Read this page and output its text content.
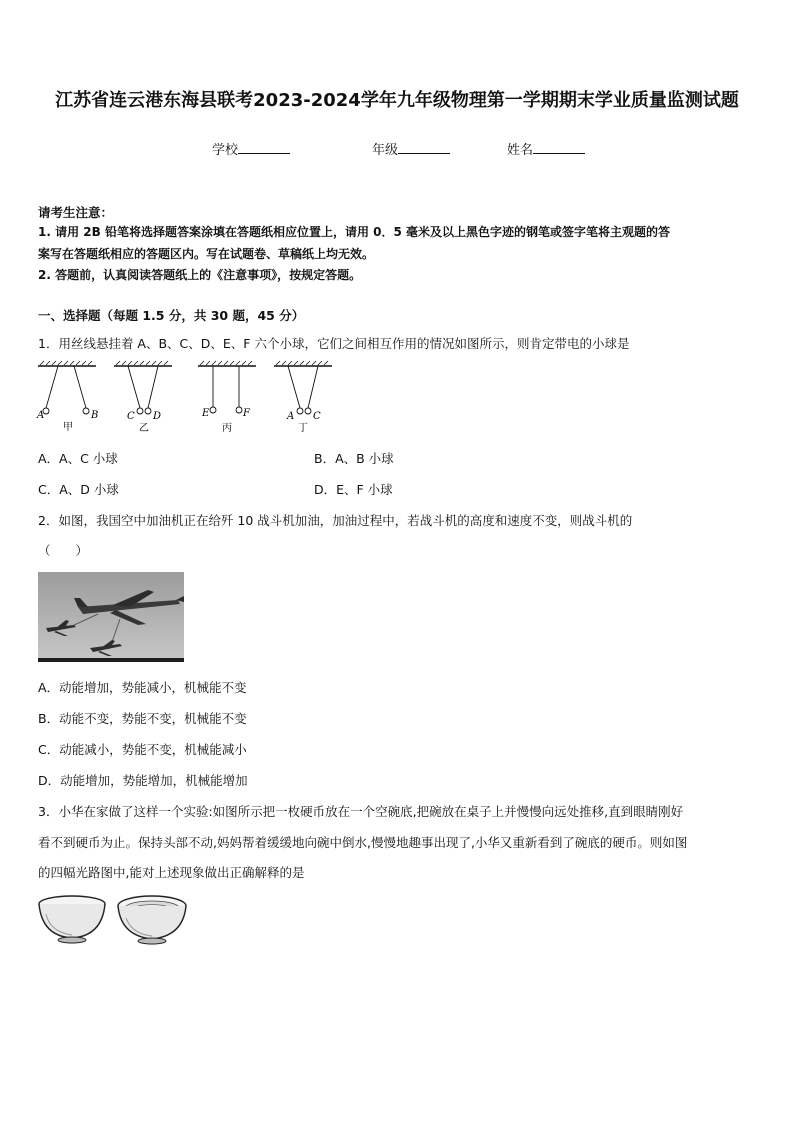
江苏省连云港东海县联考2023-2024学年九年级物理第一学期期末学业质量监测试题
学校	年级	姓名
请考生注意：
1. 请用 2B 铅笔将选择题答案涂填在答题纸相应位置上，请用 0．5 毫米及以上黑色字迹的钢笔或签字笔将主观题的答
案写在答题纸相应的答题区内。写在试题卷、草稿纸上均无效。
2. 答题前，认真阅读答题纸上的《注意事项》，按规定答题。
一、选择题（每题 1.5 分，共 30 题，45 分）
1．用丝线悬挂着 A、B、C、D、E、F 六个小球，它们之间相互作用的情况如图所示，则肯定带电的小球是
A	B
甲
C D
乙
E	F
丙
A C
丁
A．A、C 小球	B．A、B 小球
C．A、D 小球	D．E、F 小球
2．如图，我国空中加油机正在给歼 10 战斗机加油，加油过程中，若战斗机的高度和速度不变，则战斗机的
（　　）
A．动能增加，势能减小，机械能不变
B．动能不变，势能不变，机械能不变
C．动能减小，势能不变，机械能减小
D．动能增加，势能增加，机械能增加
3．小华在家做了这样一个实验:如图所示把一枚硬币放在一个空碗底,把碗放在桌子上并慢慢向远处推移,直到眼睛刚好
看不到硬币为止。保持头部不动,妈妈帮着缓缓地向碗中倒水,慢慢地趣事出现了,小华又重新看到了碗底的硬币。则如图
的四幅光路图中,能对上述现象做出正确解释的是
